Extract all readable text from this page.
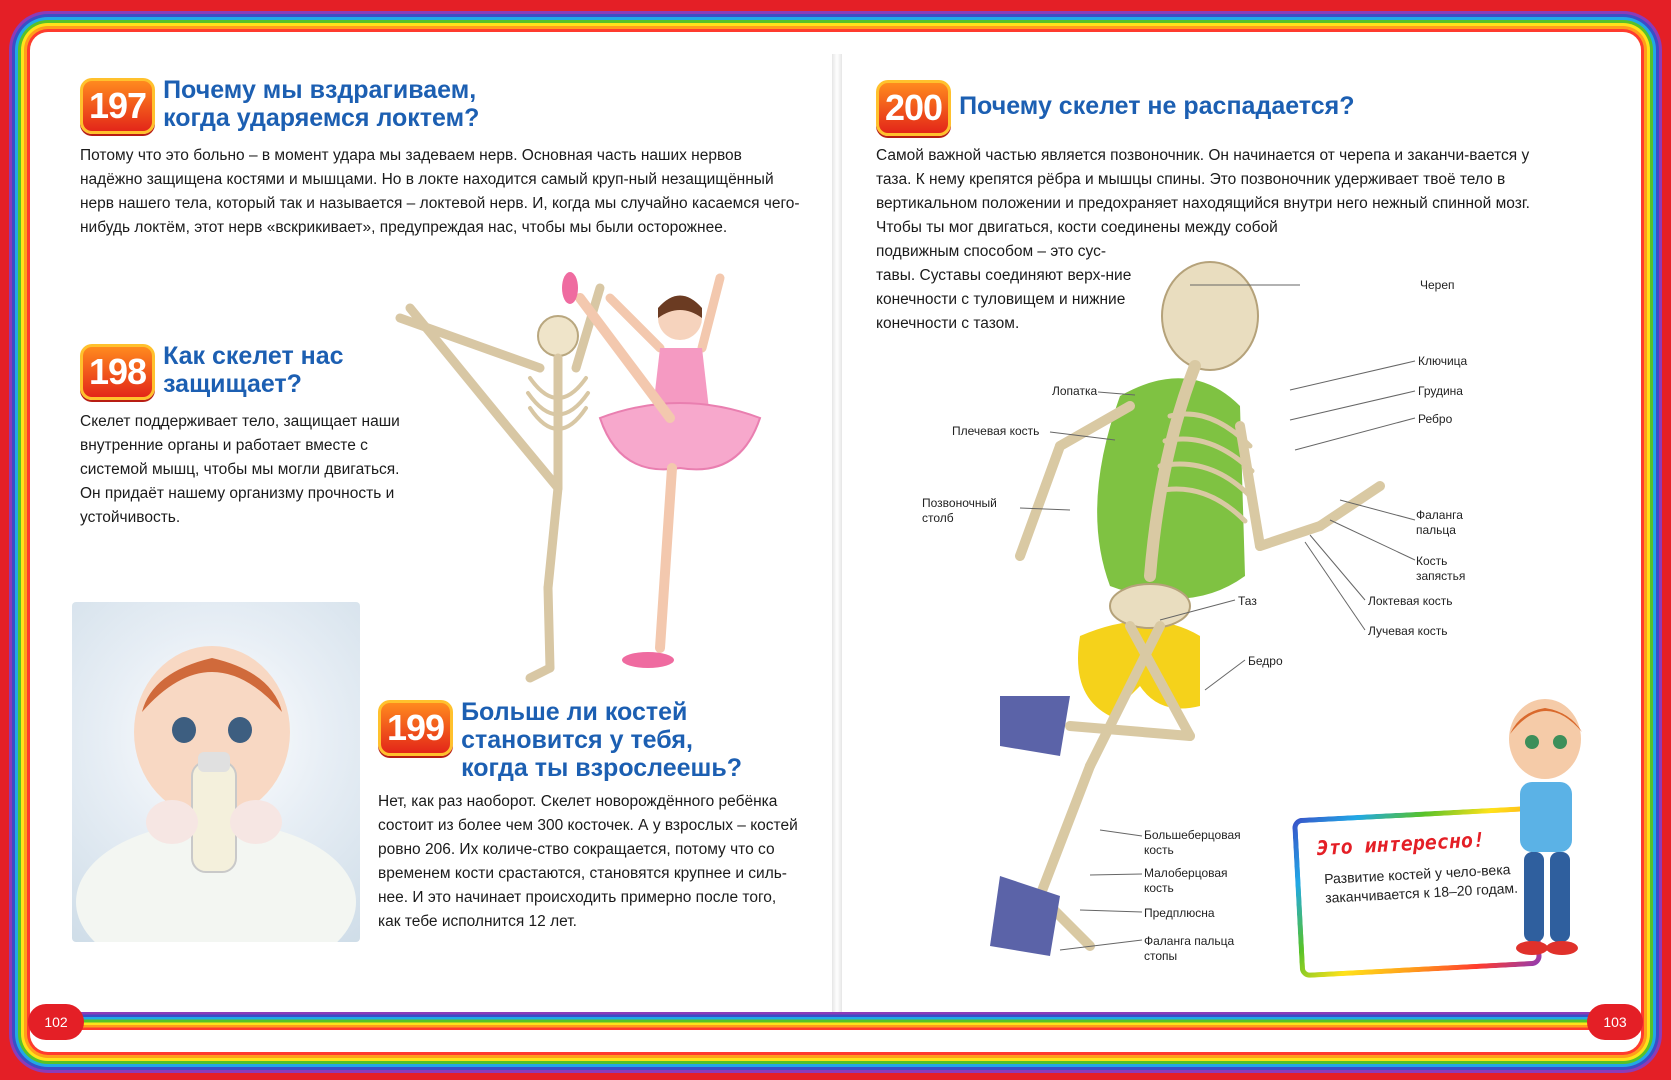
102	103
197 Почему мы вздрагиваем,
когда ударяемся локтем?
Потому что это больно – в момент удара мы задеваем нерв. Основная часть наших нервов надёжно защищена костями и мышцами. Но в локте находится самый круп-ный незащищённый нерв нашего тела, который так и называется – локтевой нерв. И, когда мы случайно касаемся чего-нибудь локтём, этот нерв «вскрикивает», предупреждая нас, чтобы мы были осторожнее.
198 Как скелет нас
защищает?
Скелет поддерживает тело, защищает наши внутренние органы и работает вместе с системой мышц, чтобы мы могли двигаться. Он придаёт нашему организму прочность и устойчивость.
199 Больше ли костей
становится у тебя,
когда ты взрослеешь?
Нет, как раз наоборот. Скелет новорождённого ребёнка состоит из более чем 300 косточек. А у взрослых – костей ровно 206. Их количе-ство сокращается, потому что со временем кости срастаются, становятся крупнее и силь-нее. И это начинает происходить примерно после того, как тебе исполнится 12 лет.
200 Почему скелет не распадается?
Самой важной частью является позвоночник. Он начинается от черепа и заканчи-вается у таза. К нему крепятся рёбра и мышцы спины. Это позвоночник удерживает твоё тело в вертикальном положении и предохраняет находящийся внутри него нежный спинной мозг. Чтобы ты мог двигаться, кости соединены между собой
подвижным способом – это сус-тавы. Суставы соединяют верх-ние конечности с туловищем и нижние конечности с тазом.
Череп
Ключица
Грудина
Ребро
Фаланга
пальца
Кость
запястья
Локтевая кость
Лучевая кость
Лопатка
Плечевая кость
Позвоночный
столб
Таз
Бедро
Большеберцовая
кость
Малоберцовая
кость
Предплюсна
Фаланга пальца
стопы
Это интересно!
Развитие костей у чело-века заканчивается к 18–20 годам.
